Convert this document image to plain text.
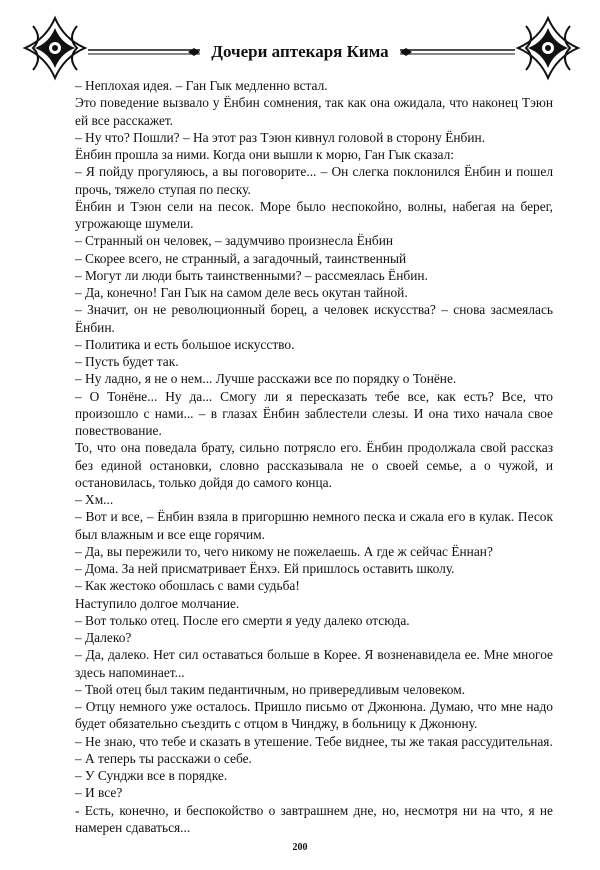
Дочери аптекаря Кима

– Неплохая идея. – Ган Гык медленно встал.

Это поведение вызвало у Ёнбин сомнения, так как она ожидала, что наконец Тэюн ей все расскажет.

– Ну что? Пошли? – На этот раз Тэюн кивнул головой в сторону Ёнбин.

Ёнбин прошла за ними. Когда они вышли к морю, Ган Гык сказал:

– Я пойду прогуляюсь, а вы поговорите... – Он слегка поклонился Ёнбин и пошел прочь, тяжело ступая по песку.

Ёнбин и Тэюн сели на песок. Море было неспокойно, волны, набегая на берег, угрожающе шумели.

– Странный он человек, – задумчиво произнесла Ёнбин

– Скорее всего, не странный, а загадочный, таинственный

– Могут ли люди быть таинственными? – рассмеялась Ёнбин.

– Да, конечно! Ган Гык на самом деле весь окутан тайной.

– Значит, он не революционный борец, а человек искусства? – снова засмеялась Ёнбин.

– Политика и есть большое искусство.

– Пусть будет так.

– Ну ладно, я не о нем... Лучше расскажи все по порядку о Тонёне.

– О Тонёне... Ну да... Смогу ли я пересказать тебе все, как есть? Все, что произошло с нами... – в глазах Ёнбин заблестели слезы. И она тихо начала свое повествование.

То, что она поведала брату, сильно потрясло его. Ёнбин продолжала свой рассказ без единой остановки, словно рассказывала не о своей семье, а о чужой, и остановилась, только дойдя до самого конца.

– Хм...

– Вот и все, – Ёнбин взяла в пригоршню немного песка и сжала его в кулак. Песок был влажным и все еще горячим.

– Да, вы пережили то, чего никому не пожелаешь. А где ж сейчас Ённан?

– Дома. За ней присматривает Ёнхэ. Ей пришлось оставить школу.

– Как жестоко обошлась с вами судьба!

Наступило долгое молчание.

– Вот только отец. После его смерти я уеду далеко отсюда.

– Далеко?

– Да, далеко. Нет сил оставаться больше в Корее. Я возненавидела ее. Мне многое здесь напоминает...

– Твой отец был таким педантичным, но привередливым человеком.

– Отцу немного уже осталось. Пришло письмо от Джонюна. Думаю, что мне надо будет обязательно съездить с отцом в Чинджу, в больницу к Джонюну.

– Не знаю, что тебе и сказать в утешение. Тебе виднее, ты же такая рассудительная.

– А теперь ты расскажи о себе.

– У Сунджи все в порядке.

– И все?

- Есть, конечно, и беспокойство о завтрашнем дне, но, несмотря ни на что, я не намерен сдаваться...

200
